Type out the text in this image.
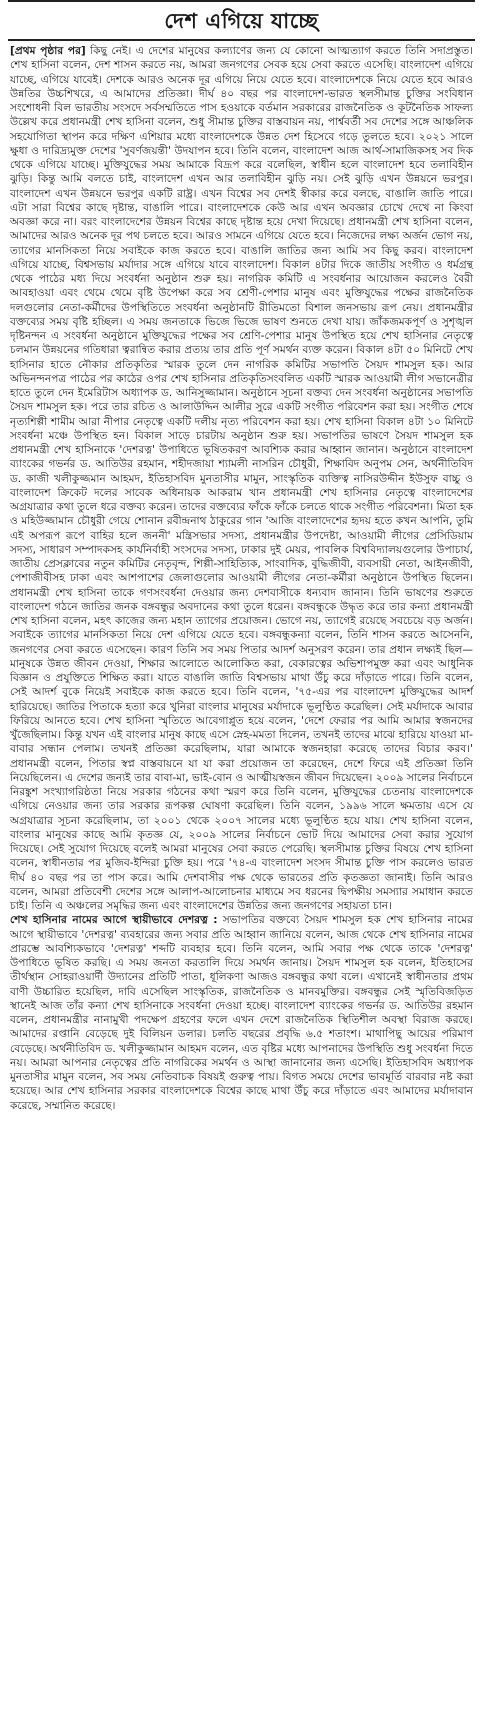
দেশ এগিয়ে যাচ্ছে

[প্রথম পৃষ্ঠার পর] কিছু নেই। এ দেশের মানুষের কল্যাণের জন্য যে কোনো আত্মত্যাগ করতে তিনি সদাপ্রস্তুত। শেখ হাসিনা বলেন, দেশ শাসন করতে নয়, আমরা জনগণের সেবক হয়ে সেবা করতে এসেছি। বাংলাদেশ এগিয়ে যাচ্ছে, এগিয়ে যাবেই। দেশকে আরও অনেক দূর এগিয়ে নিয়ে যেতে হবে। বাংলাদেশকে নিয়ে যেতে হবে আরও উন্নতির উচ্চশিখরে, এ আমাদের প্রতিজ্ঞা। দীর্ঘ ৪০ বছর পর বাংলাদেশ-ভারত স্থলসীমান্ত চুক্তির সংবিধান সংশোধনী বিল ভারতীয় সংসদে সর্বসম্মতিতে পাস হওয়াকে বর্তমান সরকারের রাজনৈতিক ও কূটনৈতিক সাফল্য উল্লেখ করে প্রধানমন্ত্রী শেখ হাসিনা বলেন, শুধু সীমান্ত চুক্তির বাস্তবায়ন নয়, পার্শ্ববর্তী সব দেশের সঙ্গে আঞ্চলিক সহযোগিতা স্থাপন করে দক্ষিণ এশিয়ার মধ্যে বাংলাদেশকে উন্নত দেশ হিসেবে গড়ে তুলতে হবে। ২০২১ সালে ক্ষুধা ও দারিদ্র্যমুক্ত দেশের 'সুবর্ণজয়ন্তী' উদযাপন হবে। তিনি বলেন, বাংলাদেশ আজ আর্থ-সামাজিকসহ সব দিক থেকে এগিয়ে যাচ্ছে। মুক্তিযুদ্ধের সময় আমাকে বিদ্রূপ করে বলেছিল, স্বাধীন হলে বাংলাদেশ হবে তলাবিহীন ঝুড়ি। কিন্তু আমি বলতে চাই, বাংলাদেশ এখন আর তলাবিহীন ঝুড়ি নয়। সেই ঝুড়ি এখন উন্নয়নে ভরপুর। বাংলাদেশ এখন উন্নয়নে ভরপুর একটি রাষ্ট্র। এখন বিশ্বের সব দেশই স্বীকার করে বলছে, বাঙালি জাতি পারে। এটা সারা বিশ্বের কাছে দৃষ্টান্ত, বাঙালি পারে। বাংলাদেশকে কেউ আর এখন অবজ্ঞার চোখে দেখে না কিংবা অবজ্ঞা করে না। বরং বাংলাদেশের উন্নয়ন বিশ্বের কাছে দৃষ্টান্ত হয়ে দেখা দিয়েছে। প্রধানমন্ত্রী শেখ হাসিনা বলেন, আমাদের আরও অনেক দূর পথ চলতে হবে। আরও সামনে এগিয়ে যেতে হবে। নিজেদের লক্ষ্য অর্জন ভোগ নয়, ত্যাগের মানসিকতা নিয়ে সবাইকে কাজ করতে হবে। বাঙালি জাতির জন্য আমি সব কিছু করব। বাংলাদেশ এগিয়ে যাচ্ছে, বিশ্বসভায় মর্যাদার সঙ্গে এগিয়ে যাবে বাংলাদেশ। বিকাল ৪টার দিকে জাতীয় সংগীত ও ধর্মগ্রন্থ থেকে পাঠের মধ্য দিয়ে সংবর্ধনা অনুষ্ঠান শুরু হয়। নাগরিক কমিটি এ সংবর্ধনার আয়োজন করলেও বৈরী আবহাওয়া এবং থেমে থেমে বৃষ্টি উপেক্ষা করে সব শ্রেণী-পেশার মানুষ এবং মুক্তিযুদ্ধের পক্ষের রাজনৈতিক দলগুলোর নেতা-কর্মীদের উপস্থিতিতে সংবর্ধনা অনুষ্ঠানটি রীতিমতো বিশাল জনসভায় রূপ নেয়। প্রধানমন্ত্রীর বক্তব্যের সময় বৃষ্টি হচ্ছিল। এ সময় জনতাকে ভিজে ভিজে ভাষণ শুনতে দেখা যায়। জাঁকজমকপূর্ণ ও সুশৃঙ্খল দৃষ্টিনন্দন এ সংবর্ধনা অনুষ্ঠানে মুক্তিযুদ্ধের পক্ষের সব শ্রেণি-পেশার মানুষ উপস্থিত হয়ে শেখ হাসিনার নেতৃত্বে চলমান উন্নয়নের গতিধারা ত্বরান্বিত করার প্রত্যয় তার প্রতি পূর্ণ সমর্থন ব্যক্ত করেন। বিকাল ৪টা ৫০ মিনিটে শেখ হাসিনার হাতে নৌকার প্রতিকৃতির স্মারক তুলে দেন নাগরিক কমিটির সভাপতি সৈয়দ শামসুল হক। আর অভিনন্দনপত্র পাঠের পর কাঠের ওপর শেখ হাসিনার প্রতিকৃতিসংবলিত একটি স্মারক আওয়ামী লীগ সভানেত্রীর হাতে তুলে দেন ইমেরিটাস অধ্যাপক ড. আনিসুজ্জামান। অনুষ্ঠানে সূচনা বক্তব্য দেন সংবর্ধনা অনুষ্ঠানের সভাপতি সৈয়দ শামসুল হক। পরে তার রচিত ও আলাউদ্দিন আলীর সুরে একটি সংগীত পরিবেশন করা হয়। সংগীত শেষে নৃত্যশিল্পী শামীম আরা নীপার নেতৃত্বে একটি দলীয় নৃত্য পরিবেশন করা হয়। শেখ হাসিনা বিকাল ৪টা ১০ মিনিটে সংবর্ধনা মঞ্চে উপস্থিত হন। বিকাল সাড়ে চারটায় অনুষ্ঠান শুরু হয়। সভাপতির ভাষণে সৈয়দ শামসুল হক প্রধানমন্ত্রী শেখ হাসিনাকে 'দেশরত্ন' উপাধিতে ভূষিতকরণ আবশ্যিক করার আহ্বান জানান। অনুষ্ঠানে বাংলাদেশ ব্যাংকের গভর্নর ড. আতিউর রহমান, শহীদজায়া শ্যামলী নাসরিন চৌধুরী, শিক্ষাবিদ অনুপম সেন, অর্থনীতিবিদ ড. কাজী খলীকুজ্জমান আহমদ, ইতিহাসবিদ মুনতাসীর মামুন, সাংস্কৃতিক ব্যক্তিত্ব নাসিরউদ্দীন ইউসুফ বাচ্চু ও বাংলাদেশ ক্রিকেট দলের সাবেক অধিনায়ক আকরাম খান প্রধানমন্ত্রী শেখ হাসিনার নেতৃত্বে বাংলাদেশের অগ্রযাত্রার কথা তুলে ধরে বক্তব্য করেন। তাদের বক্তব্যের ফাঁকে ফাঁকে চলতে থাকে সংগীত পরিবেশনা। মিতা হক ও মহিউজ্জামান চৌধুরী গেয়ে শোনান রবীন্দ্রনাথ ঠাকুরের গান 'আজি বাংলাদেশের হৃদয় হতে কখন আপনি, তুমি এই অপরূপ রূপে বাহির হলে জননী' মন্ত্রিসভার সদস্য, প্রধানমন্ত্রীর উপদেষ্টা, আওয়ামী লীগের প্রেসিডিয়াম সদস্য, সাধারণ সম্পাদকসহ কার্যনির্বাহী সংসদের সদস্য, ঢাকার দুই মেয়র, পাবলিক বিশ্ববিদ্যালয়গুলোর উপাচার্য, জাতীয় প্রেসক্লাবের নতুন কমিটির নেতৃবৃন্দ, শিল্পী-সাহিত্যিক, সাংবাদিক, বুদ্ধিজীবী, ব্যবসায়ী নেতা, আইনজীবী, পেশাজীবীসহ ঢাকা এবং আশপাশের জেলাগুলোর আওয়ামী লীগের নেতা-কর্মীরা অনুষ্ঠানে উপস্থিত ছিলেন। প্রধানমন্ত্রী শেখ হাসিনা তাকে গণসংবর্ধনা দেওয়ার জন্য দেশবাসীকে ধন্যবাদ জানান। তিনি ভাষণের শুরুতে বাংলাদেশ গঠনে জাতির জনক বঙ্গবন্ধুর অবদানের কথা তুলে ধরেন। বঙ্গবন্ধুকে উদ্ধৃত করে তার কন্যা প্রধানমন্ত্রী শেখ হাসিনা বলেন, মহৎ কাজের জন্য মহান ত্যাগের প্রয়োজন। ভোগে নয়, ত্যাগেই রয়েছে সবচেয়ে বড় অর্জন। সবাইকে ত্যাগের মানসিকতা নিয়ে দেশ এগিয়ে যেতে হবে। বঙ্গবন্ধুকন্যা বলেন, তিনি শাসন করতে আসেননি, জনগণের সেবা করতে এসেছেন। কারণ তিনি সব সময় পিতার আদর্শ অনুসরণ করেন। তার প্রধান লক্ষ্যই ছিল— মানুষকে উন্নত জীবন দেওয়া, শিক্ষার আলোতে আলোকিত করা, বেকারত্বের অভিশাপমুক্ত করা এবং আধুনিক বিজ্ঞান ও প্রযুক্তিতে শিক্ষিত করা। যাতে বাঙালি জাতি বিশ্বসভায় মাথা উঁচু করে দাঁড়াতে পারে। তিনি বলেন, সেই আদর্শ বুকে নিয়েই সবাইকে কাজ করতে হবে। তিনি বলেন, '৭৫-এর পর বাংলাদেশ মুক্তিযুদ্ধের আদর্শ হারিয়েছে। জাতির পিতাকে হত্যা করে খুনিরা বাংলার মানুষের মর্যাদাকে ভূলুণ্ঠিত করেছিল। সেই মর্যাদাকে আবার ফিরিয়ে আনতে হবে। শেখ হাসিনা স্মৃতিতে আবেগাপ্লুত হয়ে বলেন, 'দেশে ফেরার পর আমি আমার স্বজনদের খুঁজেছিলাম। কিন্তু যখন এই বাংলার মানুষ কাছে এসে স্নেহ-মমতা দিলেন, তখনই তাদের মাঝে হারিয়ে যাওয়া মা-বাবার সন্ধান পেলাম। তখনই প্রতিজ্ঞা করেছিলাম, যারা আমাকে স্বজনহারা করেছে তাদের বিচার করব।' প্রধানমন্ত্রী বলেন, পিতার স্বপ্ন বাস্তবায়নে যা যা করা প্রয়োজন তা করেছেন, দেশে ফিরে এই প্রতিজ্ঞা তিনি নিয়েছিলেন। এ দেশের জন্যই তার বাবা-মা, ভাই-বোন ও আত্মীয়স্বজন জীবন দিয়েছেন। ২০০৯ সালের নির্বাচনে নিরঙ্কুশ সংখ্যাগরিষ্ঠতা নিয়ে সরকার গঠনের কথা স্মরণ করে তিনি বলেন, মুক্তিযুদ্ধের চেতনায় বাংলাদেশকে এগিয়ে নেওয়ার জন্য তার সরকার রূপকল্প ঘোষণা করেছিল। তিনি বলেন, ১৯৯৬ সালে ক্ষমতায় এসে যে অগ্রযাত্রার সূচনা করেছিলাম, তা ২০০১ থেকে ২০০৭ সালের মধ্যে ভূলুণ্ঠিত হয়ে যায়। শেখ হাসিনা বলেন, বাংলার মানুষের কাছে আমি কৃতজ্ঞ যে, ২০০৯ সালের নির্বাচনে ভোট দিয়ে আমাদের সেবা করার সুযোগ দিয়েছে। সেই সুযোগ দিয়েছে বলেই আমরা মানুষের সেবা করতে পেরেছি। স্থলসীমান্ত চুক্তির বিষয়ে শেখ হাসিনা বলেন, স্বাধীনতার পর মুজিব-ইন্দিরা চুক্তি হয়। পরে '৭৪-এ বাংলাদেশ সংসদ সীমান্ত চুক্তি পাস করলেও ভারত দীর্ঘ ৪০ বছর পর তা পাস করে। আমি দেশবাসীর পক্ষ থেকে ভারতের প্রতি কৃতজ্ঞতা জানাই। তিনি আরও বলেন, আমরা প্রতিবেশী দেশের সঙ্গে আলাপ-আলোচনার মাধ্যমে সব ধরনের দ্বিপক্ষীয় সমস্যার সমাধান করতে চাই। তিনি এ অঞ্চলের সমৃদ্ধির জন্য এবং বাংলাদেশের উন্নতির জন্য জনগণের সহায়তা চান।

শেখ হাসিনার নামের আগে স্থায়ীভাবে দেশরত্ন : সভাপতির বক্তব্যে সৈয়দ শামসুল হক শেখ হাসিনার নামের আগে স্থায়ীভাবে 'দেশরত্ন' ব্যবহারের জন্য সবার প্রতি আহ্বান জানিয়ে বলেন, আজ থেকে শেখ হাসিনার নামের প্রারম্ভে আবশ্যিকভাবে 'দেশরত্ন' শব্দটি ব্যবহার হবে। তিনি বলেন, আমি সবার পক্ষ থেকে তাকে 'দেশরত্ন' উপাধিতে ভূষিত করছি। এ সময় জনতা করতালি দিয়ে সমর্থন জানায়। সৈয়দ শামসুল হক বলেন, ইতিহাসের তীর্থস্থান সোহরাওয়ার্দী উদ্যানের প্রতিটি পাতা, ধূলিকণা আজও বঙ্গবন্ধুর কথা বলে। এখানেই স্বাধীনতার প্রথম বাণী উচ্চারিত হয়েছিল, দাবি এসেছিল সাংস্কৃতিক, রাজনৈতিক ও মানবমুক্তির। বঙ্গবন্ধুর সেই স্মৃতিবিজড়িত স্থানেই আজ তাঁর কন্যা শেখ হাসিনাকে সংবর্ধনা দেওয়া হচ্ছে। বাংলাদেশ ব্যাংকের গভর্নর ড. আতিউর রহমান বলেন, প্রধানমন্ত্রীর নানামুখী পদক্ষেপ গ্রহণের ফলে এখন দেশে রাজনৈতিক স্থিতিশীল অবস্থা বিরাজ করছে। আমাদের রপ্তানি বেড়েছে দুই বিলিয়ন ডলার। চলতি বছরের প্রবৃদ্ধি ৬.৫ শতাংশ। মাথাপিছু আয়ের পরিমাণ বেড়েছে। অর্থনীতিবিদ ড. খলীকুজ্জামান আহমদ বলেন, এত বৃষ্টির মধ্যে আপনাদের উপস্থিতি শুধু সংবর্ধনা দিতে নয়। আমরা আপনার নেতৃত্বের প্রতি নাগরিকের সমর্থন ও আস্থা জানানোর জন্য এসেছি। ইতিহাসবিদ অধ্যাপক মুনতাসীর মামুন বলেন, সব সময় নেতিবাচক বিষয়ই গুরুত্ব পায়। বিগত সময়ে দেশের ভাবমূর্তি বারবার নষ্ট করা হয়েছে। আর শেখ হাসিনার সরকার বাংলাদেশকে বিশ্বের কাছে মাথা উঁচু করে দাঁড়াতে এবং আমাদের মর্যাদাবান করেছে, সম্মানিত করেছে।
